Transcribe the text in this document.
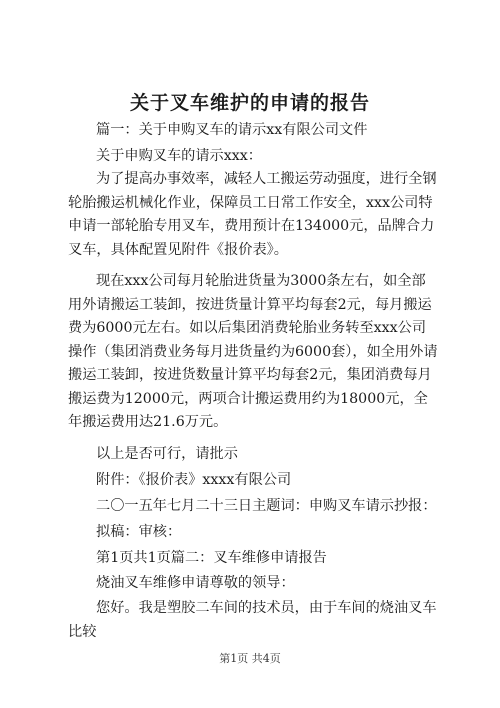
关于叉车维护的申请的报告
篇一：关于申购叉车的请示xx有限公司文件
关于申购叉车的请示xxx：
为了提高办事效率，减轻人工搬运劳动强度，进行全钢轮胎搬运机械化作业，保障员工日常工作安全，xxx公司特申请一部轮胎专用叉车，费用预计在134000元，品牌合力叉车，具体配置见附件《报价表》。
现在xxx公司每月轮胎进货量为3000条左右，如全部用外请搬运工装卸，按进货量计算平均每套2元，每月搬运费为6000元左右。如以后集团消费轮胎业务转至xxx公司操作（集团消费业务每月进货量约为6000套），如全用外请搬运工装卸，按进货数量计算平均每套2元，集团消费每月搬运费为12000元，两项合计搬运费用约为18000元，全年搬运费用达21.6万元。
以上是否可行，请批示
附件：《报价表》xxxx有限公司
二〇一五年七月二十三日主题词：申购叉车请示抄报：
拟稿：审核：
第1页共1页篇二：叉车维修申请报告
烧油叉车维修申请尊敬的领导：
您好。我是塑胶二车间的技术员，由于车间的烧油叉车比较
第1页 共4页
